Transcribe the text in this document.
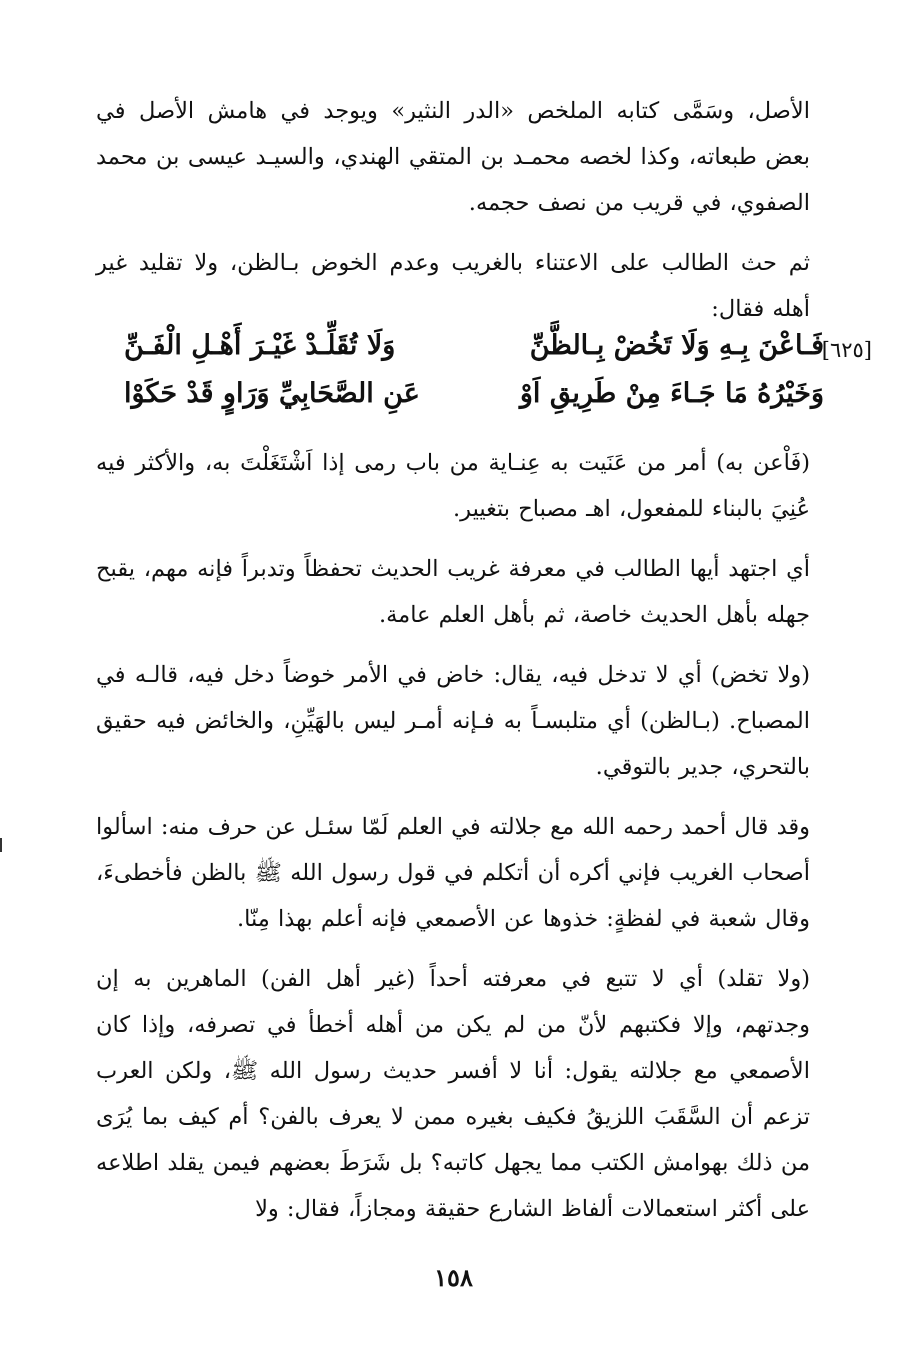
الأصل، وسَمَّى كتابه الملخص «الدر النثير» ويوجد في هامش الأصل في بعض طبعاته، وكذا لخصه محمـد بن المتقي الهندي، والسيـد عيسى بن محمد الصفوي، في قريب من نصف حجمه.

ثم حث الطالب على الاعتناء بالغريب وعدم الخوض بـالظن، ولا تقليد غير أهله فقال:

[٦٢٥]
فَـاعْنَ بِـهِ وَلَا تَخُضْ بِـالظَّنِّ
وَلَا تُقَلِّـدْ غَيْـرَ أَهْـلِ الْفَـنِّ
وَخَيْرُهُ مَا جَـاءَ مِنْ طَرِيقِ اَوْ
عَنِ الصَّحَابِيِّ وَرَاوٍ قَدْ حَكَوْا

(فَاْعن به) أمر من عَنَيت به عِنـاية من باب رمى إذا اَشْتَغَلْتَ به، والأكثر فيه عُنِيَ بالبناء للمفعول، اهـ مصباح بتغيير.

أي اجتهد أيها الطالب في معرفة غريب الحديث تحفظاً وتدبراً فإنه مهم، يقبح جهله بأهل الحديث خاصة، ثم بأهل العلم عامة.

(ولا تخض) أي لا تدخل فيه، يقال: خاض في الأمر خوضاً دخل فيه، قالـه في المصباح. (بـالظن) أي متلبسـاً به فـإنه أمـر ليس بالهَيِّنِ، والخائض فيه حقيق بالتحري، جدير بالتوقي.

وقد قال أحمد رحمه الله مع جلالته في العلم لَمّا سئـل عن حرف منه: اسألوا أصحاب الغريب فإني أكره أن أتكلم في قول رسول الله ﷺ بالظن فأخطىءَ، وقال شعبة في لفظةٍ: خذوها عن الأصمعي فإنه أعلم بهذا مِنّا.

(ولا تقلد) أي لا تتبع في معرفته أحداً (غير أهل الفن) الماهرين به إن وجدتهم، وإلا فكتبهم لأنّ من لم يكن من أهله أخطأ في تصرفه، وإذا كان الأصمعي مع جلالته يقول: أنا لا أفسر حديث رسول الله ﷺ، ولكن العرب تزعم أن السَّقَبَ اللزيقُ فكيف بغيره ممن لا يعرف بالفن؟ أم كيف بما يُرَى من ذلك بهوامش الكتب مما يجهل كاتبه؟ بل شَرَطَ بعضهم فيمن يقلد اطلاعه على أكثر استعمالات ألفاظ الشارع حقيقة ومجازاً، فقال: ولا

١٥٨
